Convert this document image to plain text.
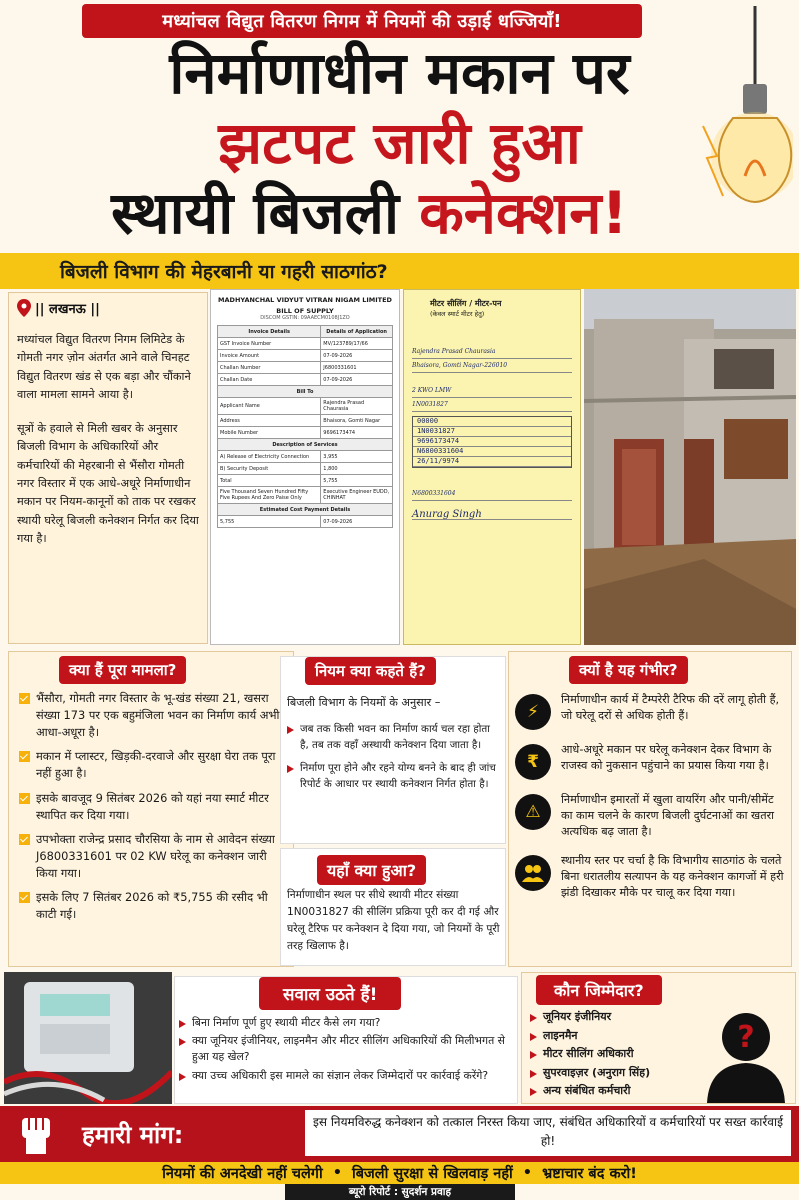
मध्यांचल विद्युत वितरण निगम में नियमों की उड़ाई धज्जियाँ!
निर्माणाधीन मकान पर
झटपट जारी हुआ
स्थायी बिजली कनेक्शन!
बिजली विभाग की मेहरबानी या गहरी साठगांठ?
|| लखनऊ ||

मध्यांचल विद्युत वितरण निगम लिमिटेड के गोमती नगर ज़ोन अंतर्गत आने वाले चिनहट विद्युत वितरण खंड से एक बड़ा और चौंकाने वाला मामला सामने आया है।

सूत्रों के हवाले से मिली खबर के अनुसार बिजली विभाग के अधिकारियों और कर्मचारियों की मेहरबानी से भैंसौरा गोमती नगर विस्तार में एक आधे-अधूरे निर्माणाधीन मकान पर नियम-कानूनों को ताक पर रखकर स्थायी घरेलू बिजली कनेक्शन निर्गत कर दिया गया है।

MADHYANCHAL VIDYUT VITRAN NIGAM LIMITED
BILL OF SUPPLY
DISCOM GSTIN: 09AAECM0108J1ZO
Invoice Details	Details of Application
GST Invoice Number	MV/123789/17/66
Invoice Amount	07-09-2026
Challan Number	J6800331601
Challan Date	07-09-2026
Bill To	
Applicant Name	Rajendra Prasad Chaurasia
Address	Bhaisora, Gomti Nagar
Mobile Number	9696173474
Description of Services	
A) Release of Electricity Connection	3,955
B) Security Deposit	1,800
Total	5,755
Five Thousand Seven Hundred Fifty Five Rupees And Zero Paise Only	Executive Engineer EUDD, CHINHAT
Estimated Cost Payment Details	
5,755	07-09-2026
मीटर सीलिंग / मीटर-पन
(केवल स्मार्ट मीटर हेतु)
Rajendra Prasad Chaurasia
Bhaisora, Gomti Nagar-226010
2 KWO LMW
1N0031827
00000
1N0031827
9696173474
N6800331604
26/11/9974
N6800331604
Anurag Singh
क्या हैं पूरा मामला?
भैंसौरा, गोमती नगर विस्तार के भू-खंड संख्या 21, खसरा संख्या 173 पर एक बहुमंजिला भवन का निर्माण कार्य अभी आधा-अधूरा है।
मकान में प्लास्टर, खिड़की-दरवाजे और सुरक्षा घेरा तक पूरा नहीं हुआ है।
इसके बावजूद 9 सितंबर 2026 को यहां नया स्मार्ट मीटर स्थापित कर दिया गया।
उपभोक्ता राजेन्द्र प्रसाद चौरसिया के नाम से आवेदन संख्या J6800331601 पर 02 KW घरेलू का कनेक्शन जारी किया गया।
इसके लिए 7 सितंबर 2026 को ₹5,755 की रसीद भी काटी गई।
नियम क्या कहते हैं?
बिजली विभाग के नियमों के अनुसार –
जब तक किसी भवन का निर्माण कार्य चल रहा होता है, तब तक वहाँ अस्थायी कनेक्शन दिया जाता है।
निर्माण पूरा होने और रहने योग्य बनने के बाद ही जांच रिपोर्ट के आधार पर स्थायी कनेक्शन निर्गत होता है।
यहाँ क्या हुआ?

निर्माणाधीन स्थल पर सीधे स्थायी मीटर संख्या 1N0031827 की सीलिंग प्रक्रिया पूरी कर दी गई और घरेलू टैरिफ पर कनेक्शन दे दिया गया, जो नियमों के पूरी तरह खिलाफ है।

क्यों है यह गंभीर?
⚡
निर्माणाधीन कार्य में टैम्परेरी टैरिफ की दरें लागू होती हैं, जो घरेलू दरों से अधिक होती हैं।
₹
आधे-अधूरे मकान पर घरेलू कनेक्शन देकर विभाग के राजस्व को नुकसान पहुंचाने का प्रयास किया गया है।
⚠
निर्माणाधीन इमारतों में खुला वायरिंग और पानी/सीमेंट का काम चलने के कारण बिजली दुर्घटनाओं का खतरा अत्यधिक बढ़ जाता है।
स्थानीय स्तर पर चर्चा है कि विभागीय साठगांठ के चलते बिना धरातलीय सत्यापन के यह कनेक्शन कागजों में हरी झंडी दिखाकर मौके पर चालू कर दिया गया।
सवाल उठते हैं!
बिना निर्माण पूर्ण हुए स्थायी मीटर कैसे लग गया?
क्या जूनियर इंजीनियर, लाइनमैन और मीटर सीलिंग अधिकारियों की मिलीभगत से हुआ यह खेल?
क्या उच्च अधिकारी इस मामले का संज्ञान लेकर जिम्मेदारों पर कार्रवाई करेंगे?
कौन जिम्मेदार?
जूनियर इंजीनियर
लाइनमैन
मीटर सीलिंग अधिकारी
सुपरवाइज़र (अनुराग सिंह)
अन्य संबंधित कर्मचारी
?
हमारी मांग:	इस नियमविरुद्ध कनेक्शन को तत्काल निरस्त किया जाए, संबंधित अधिकारियों व कर्मचारियों पर सख्त कार्रवाई हो!
नियमों की अनदेखी नहीं चलेगी • बिजली सुरक्षा से खिलवाड़ नहीं • भ्रष्टाचार बंद करो!
ब्यूरो रिपोर्ट : सुदर्शन प्रवाह
